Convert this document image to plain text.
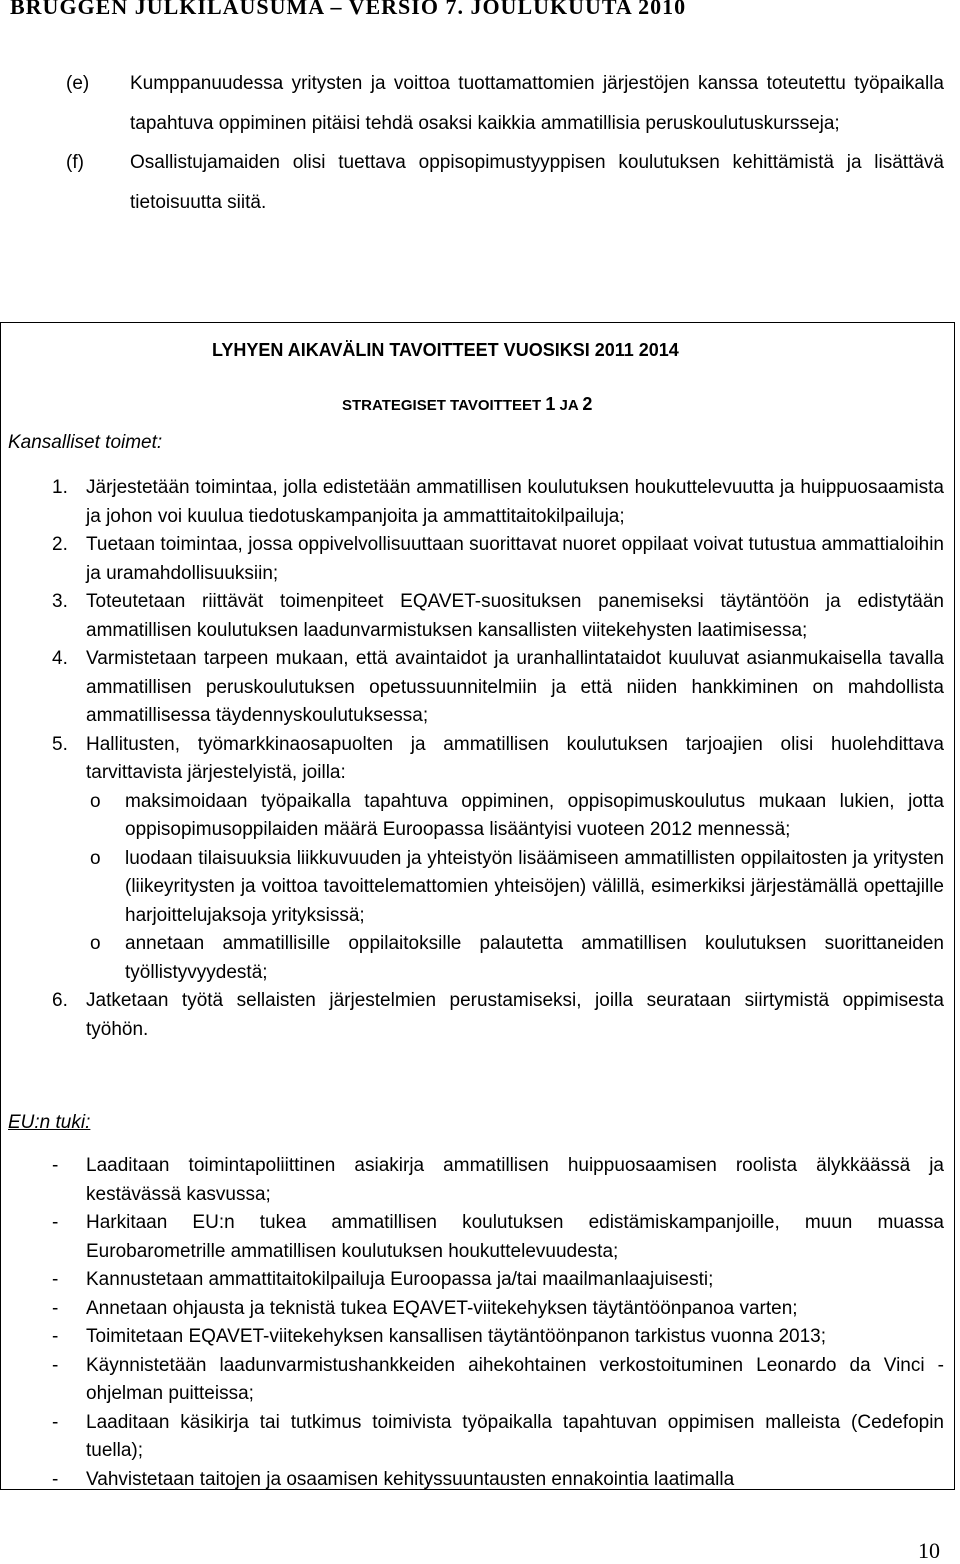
BRUGGEN JULKILAUSUMA – VERSIO 7. JOULUKUUTA 2010
(e) Kumppanuudessa yritysten ja voittoa tuottamattomien järjestöjen kanssa toteutettu työpaikalla tapahtuva oppiminen pitäisi tehdä osaksi kaikkia ammatillisia peruskoulutuskursseja;
(f) Osallistujamaiden olisi tuettava oppisopimustyyppisen koulutuksen kehittämistä ja lisättävä tietoisuutta siitä.
LYHYEN AIKAVÄLIN TAVOITTEET VUOSIKSI 2011 2014
STRATEGISET TAVOITTEET 1 JA 2
Kansalliset toimet:
1. Järjestetään toimintaa, jolla edistetään ammatillisen koulutuksen houkuttelevuutta ja huippuosaamista ja johon voi kuulua tiedotuskampanjoita ja ammattitaitokilpailuja;
2. Tuetaan toimintaa, jossa oppivelvollisuuttaan suorittavat nuoret oppilaat voivat tutustua ammattialoihin ja uramahdollisuuksiin;
3. Toteutetaan riittävät toimenpiteet EQAVET-suosituksen panemiseksi täytäntöön ja edistytään ammatillisen koulutuksen laadunvarmistuksen kansallisten viitekehysten laatimisessa;
4. Varmistetaan tarpeen mukaan, että avaintaidot ja uranhallintataidot kuuluvat asianmukaisella tavalla ammatillisen peruskoulutuksen opetussuunnitelmiin ja että niiden hankkiminen on mahdollista ammatillisessa täydennyskoulutuksessa;
5. Hallitusten, työmarkkinaosapuolten ja ammatillisen koulutuksen tarjoajien olisi huolehdittava tarvittavista järjestelyistä, joilla:
o maksimoidaan työpaikalla tapahtuva oppiminen, oppisopimuskoulutus mukaan lukien, jotta oppisopimusoppilaiden määrä Euroopassa lisääntyisi vuoteen 2012 mennessä;
o luodaan tilaisuuksia liikkuvuuden ja yhteistyön lisäämiseen ammatillisten oppilaitosten ja yritysten (liikeyritysten ja voittoa tavoittelemattomien yhteisöjen) välillä, esimerkiksi järjestämällä opettajille harjoittelujaksoja yrityksissä;
o annetaan ammatillisille oppilaitoksille palautetta ammatillisen koulutuksen suorittaneiden työllistyvyydestä;
6. Jatketaan työtä sellaisten järjestelmien perustamiseksi, joilla seurataan siirtymistä oppimisesta työhön.
EU:n tuki:
- Laaditaan toimintapoliittinen asiakirja ammatillisen huippuosaamisen roolista älykkäässä ja kestävässä kasvussa;
- Harkitaan EU:n tukea ammatillisen koulutuksen edistämiskampanjoille, muun muassa Eurobarometrille ammatillisen koulutuksen houkuttelevuudesta;
- Kannustetaan ammattitaitokilpailuja Euroopassa ja/tai maailmanlaajuisesti;
- Annetaan ohjausta ja teknistä tukea EQAVET-viitekehyksen täytäntöönpanoa varten;
- Toimitetaan EQAVET-viitekehyksen kansallisen täytäntöönpanon tarkistus vuonna 2013;
- Käynnistetään laadunvarmistushankkeiden aihekohtainen verkostoituminen Leonardo da Vinci -ohjelman puitteissa;
- Laaditaan käsikirja tai tutkimus toimivista työpaikalla tapahtuvan oppimisen malleista (Cedefopin tuella);
- Vahvistetaan taitojen ja osaamisen kehityssuuntausten ennakointia laatimalla
10
